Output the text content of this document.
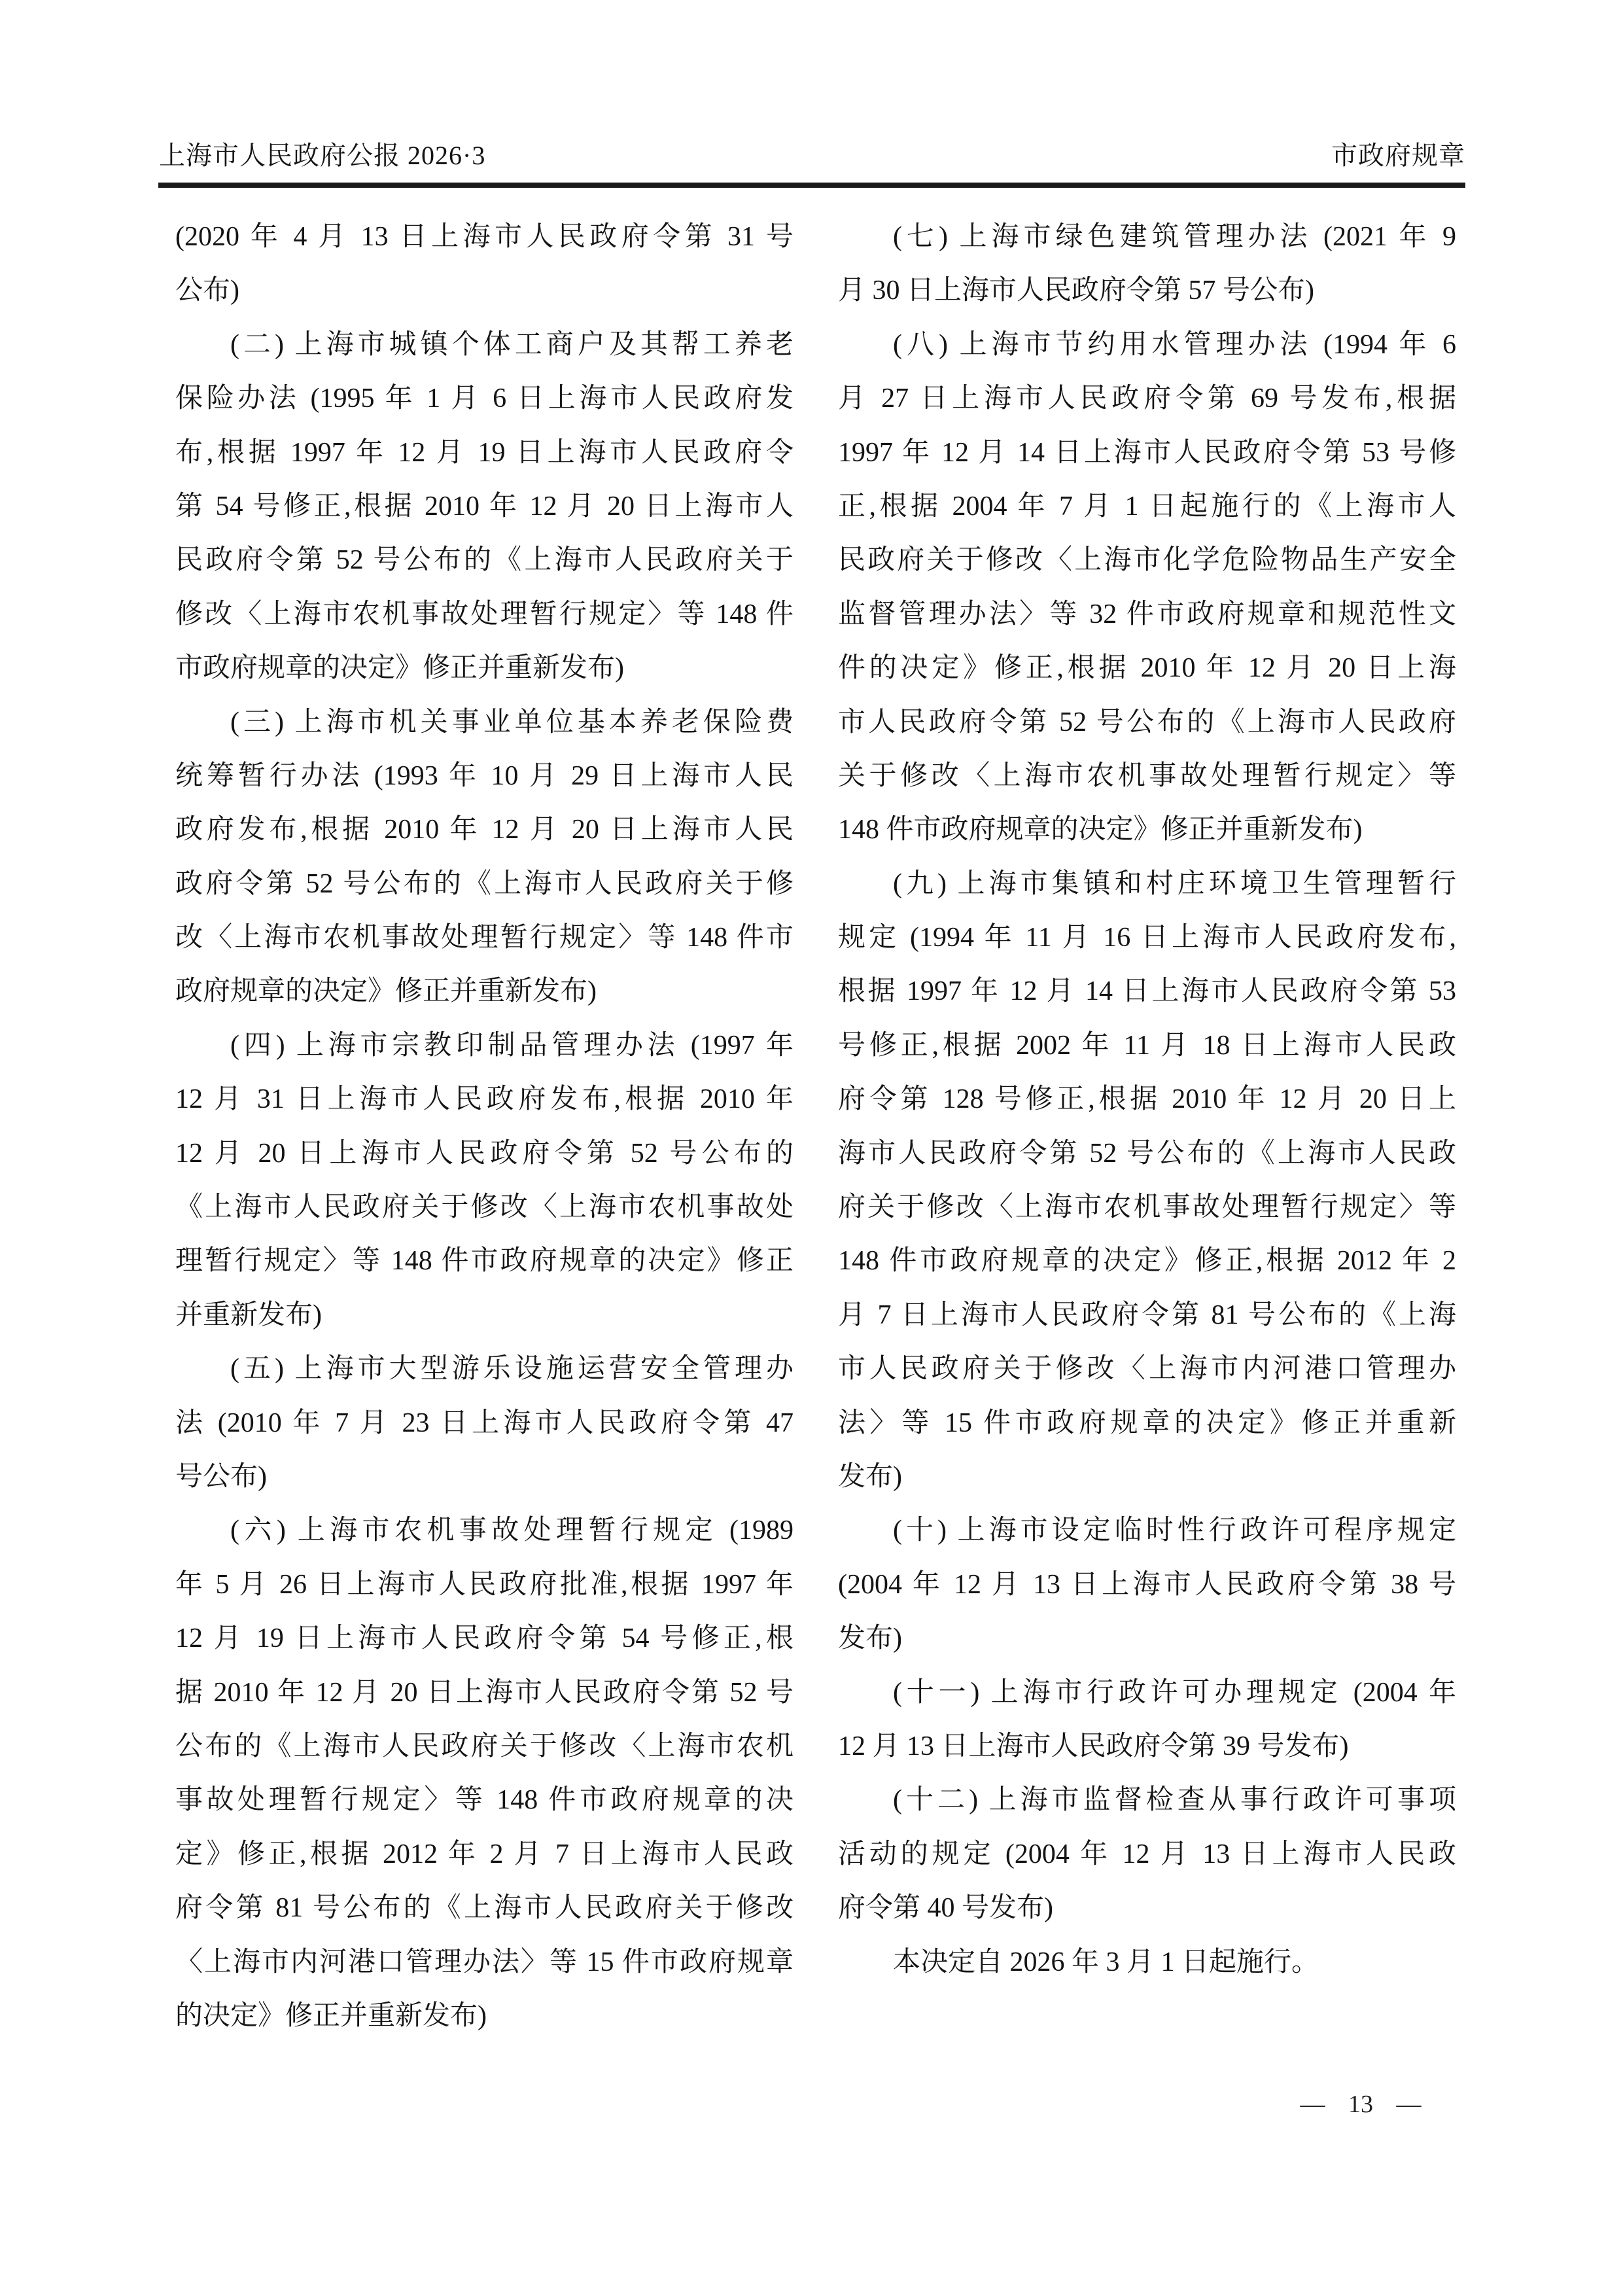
上海市人民政府公报 2026·3	市政府规章
(2020 年 4 月 13 日上海市人民政府令第 31 号
公布)
(二) 上海市城镇个体工商户及其帮工养老
保险办法 (1995 年 1 月 6 日上海市人民政府发
布,根据 1997 年 12 月 19 日上海市人民政府令
第 54 号修正,根据 2010 年 12 月 20 日上海市人
民政府令第 52 号公布的《上海市人民政府关于
修改〈上海市农机事故处理暂行规定〉等 148 件
市政府规章的决定》修正并重新发布)
(三) 上海市机关事业单位基本养老保险费
统筹暂行办法 (1993 年 10 月 29 日上海市人民
政府发布,根据 2010 年 12 月 20 日上海市人民
政府令第 52 号公布的《上海市人民政府关于修
改〈上海市农机事故处理暂行规定〉等 148 件市
政府规章的决定》修正并重新发布)
(四) 上海市宗教印制品管理办法 (1997 年
12 月 31 日上海市人民政府发布,根据 2010 年
12 月 20 日上海市人民政府令第 52 号公布的
《上海市人民政府关于修改〈上海市农机事故处
理暂行规定〉等 148 件市政府规章的决定》修正
并重新发布)
(五) 上海市大型游乐设施运营安全管理办
法 (2010 年 7 月 23 日上海市人民政府令第 47
号公布)
(六) 上海市农机事故处理暂行规定 (1989
年 5 月 26 日上海市人民政府批准,根据 1997 年
12 月 19 日上海市人民政府令第 54 号修正,根
据 2010 年 12 月 20 日上海市人民政府令第 52 号
公布的《上海市人民政府关于修改〈上海市农机
事故处理暂行规定〉等 148 件市政府规章的决
定》修正,根据 2012 年 2 月 7 日上海市人民政
府令第 81 号公布的《上海市人民政府关于修改
〈上海市内河港口管理办法〉等 15 件市政府规章
的决定》修正并重新发布)
(七) 上海市绿色建筑管理办法 (2021 年 9
月 30 日上海市人民政府令第 57 号公布)
(八) 上海市节约用水管理办法 (1994 年 6
月 27 日上海市人民政府令第 69 号发布,根据
1997 年 12 月 14 日上海市人民政府令第 53 号修
正,根据 2004 年 7 月 1 日起施行的《上海市人
民政府关于修改〈上海市化学危险物品生产安全
监督管理办法〉等 32 件市政府规章和规范性文
件的决定》修正,根据 2010 年 12 月 20 日上海
市人民政府令第 52 号公布的《上海市人民政府
关于修改〈上海市农机事故处理暂行规定〉等
148 件市政府规章的决定》修正并重新发布)
(九) 上海市集镇和村庄环境卫生管理暂行
规定 (1994 年 11 月 16 日上海市人民政府发布,
根据 1997 年 12 月 14 日上海市人民政府令第 53
号修正,根据 2002 年 11 月 18 日上海市人民政
府令第 128 号修正,根据 2010 年 12 月 20 日上
海市人民政府令第 52 号公布的《上海市人民政
府关于修改〈上海市农机事故处理暂行规定〉等
148 件市政府规章的决定》修正,根据 2012 年 2
月 7 日上海市人民政府令第 81 号公布的《上海
市人民政府关于修改〈上海市内河港口管理办
法〉等 15 件市政府规章的决定》修正并重新
发布)
(十) 上海市设定临时性行政许可程序规定
(2004 年 12 月 13 日上海市人民政府令第 38 号
发布)
(十一) 上海市行政许可办理规定 (2004 年
12 月 13 日上海市人民政府令第 39 号发布)
(十二) 上海市监督检查从事行政许可事项
活动的规定 (2004 年 12 月 13 日上海市人民政
府令第 40 号发布)
本决定自 2026 年 3 月 1 日起施行。
— 13 —
